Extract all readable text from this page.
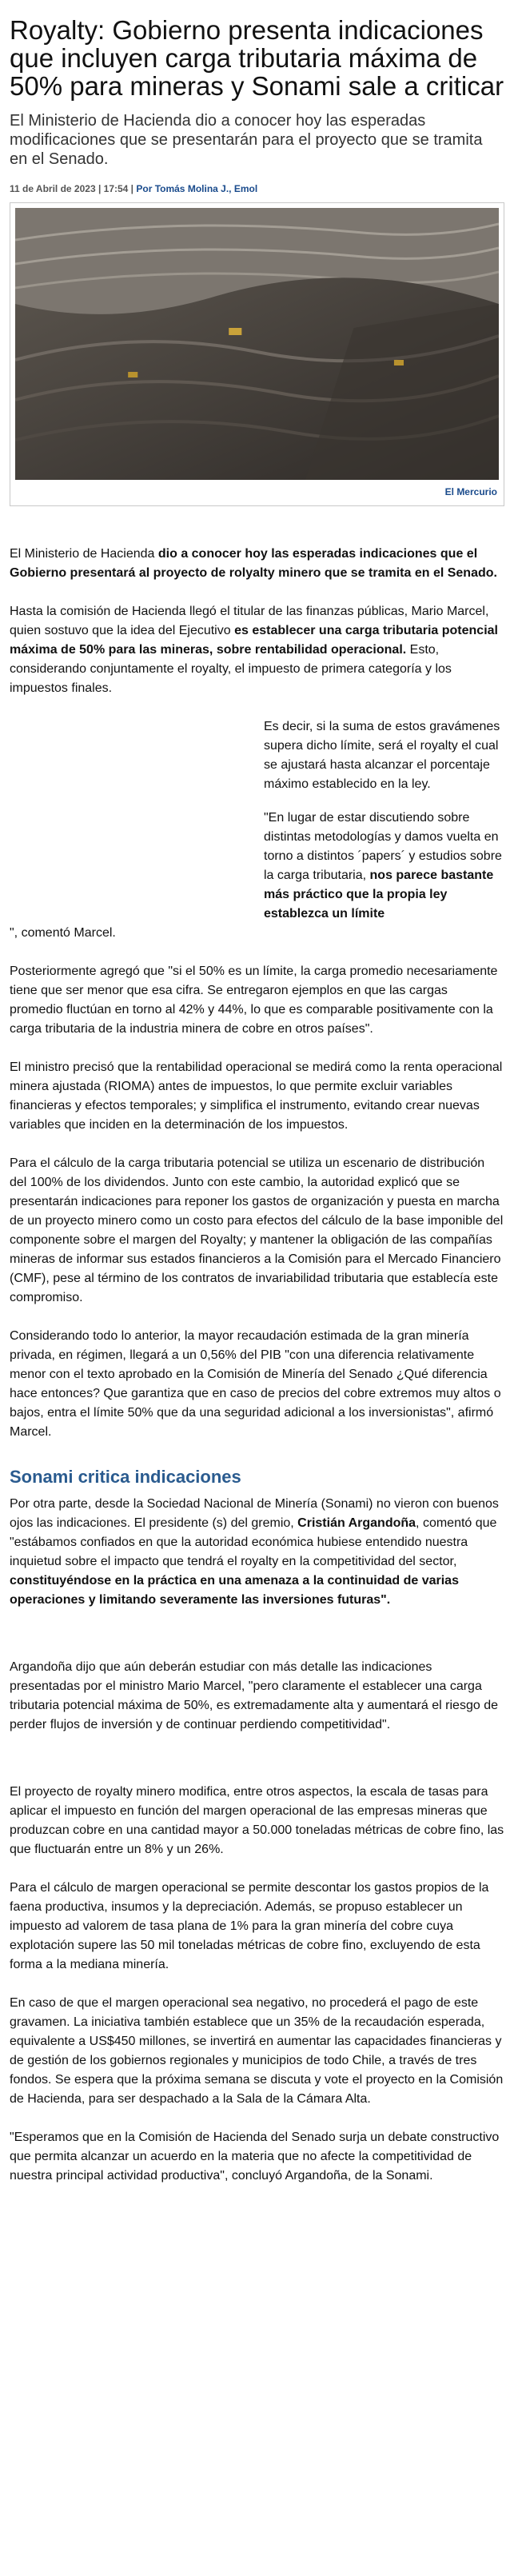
Royalty: Gobierno presenta indicaciones que incluyen carga tributaria máxima de 50% para mineras y Sonami sale a criticar

El Ministerio de Hacienda dio a conocer hoy las esperadas modificaciones que se presentarán para el proyecto que se tramita en el Senado.

11 de Abril de 2023 | 17:54 | Por Tomás Molina J., Emol
El Mercurio

El Ministerio de Hacienda dio a conocer hoy las esperadas indicaciones que el Gobierno presentará al proyecto de rolyalty minero que se tramita en el Senado.

Hasta la comisión de Hacienda llegó el titular de las finanzas públicas, Mario Marcel, quien sostuvo que la idea del Ejecutivo es establecer una carga tributaria potencial máxima de 50% para las mineras, sobre rentabilidad operacional. Esto, considerando conjuntamente el royalty, el impuesto de primera categoría y los impuestos finales.

Es decir, si la suma de estos gravámenes supera dicho límite, será el royalty el cual se ajustará hasta alcanzar el porcentaje máximo establecido en la ley.

"En lugar de estar discutiendo sobre distintas metodologías y damos vuelta en torno a distintos ´papers´ y estudios sobre la carga tributaria, nos parece bastante más práctico que la propia ley establezca un límite
", comentó Marcel.

Posteriormente agregó que "si el 50% es un límite, la carga promedio necesariamente tiene que ser menor que esa cifra. Se entregaron ejemplos en que las cargas promedio fluctúan en torno al 42% y 44%, lo que es comparable positivamente con la carga tributaria de la industria minera de cobre en otros países".

El ministro precisó que la rentabilidad operacional se medirá como la renta operacional minera ajustada (RIOMA) antes de impuestos, lo que permite excluir variables financieras y efectos temporales; y simplifica el instrumento, evitando crear nuevas variables que inciden en la determinación de los impuestos.

Para el cálculo de la carga tributaria potencial se utiliza un escenario de distribución del 100% de los dividendos. Junto con este cambio, la autoridad explicó que se presentarán indicaciones para reponer los gastos de organización y puesta en marcha de un proyecto minero como un costo para efectos del cálculo de la base imponible del componente sobre el margen del Royalty; y mantener la obligación de las compañías mineras de informar sus estados financieros a la Comisión para el Mercado Financiero (CMF), pese al término de los contratos de invariabilidad tributaria que establecía este compromiso.

Considerando todo lo anterior, la mayor recaudación estimada de la gran minería privada, en régimen, llegará a un 0,56% del PIB "con una diferencia relativamente menor con el texto aprobado en la Comisión de Minería del Senado ¿Qué diferencia hace entonces? Que garantiza que en caso de precios del cobre extremos muy altos o bajos, entra el límite 50% que da una seguridad adicional a los inversionistas", afirmó Marcel.

Sonami critica indicaciones

Por otra parte, desde la Sociedad Nacional de Minería (Sonami) no vieron con buenos ojos las indicaciones. El presidente (s) del gremio, Cristián Argandoña, comentó que "estábamos confiados en que la autoridad económica hubiese entendido nuestra inquietud sobre el impacto que tendrá el royalty en la competitividad del sector, constituyéndose en la práctica en una amenaza a la continuidad de varias operaciones y limitando severamente las inversiones futuras".

Argandoña dijo que aún deberán estudiar con más detalle las indicaciones presentadas por el ministro Mario Marcel, "pero claramente el establecer una carga tributaria potencial máxima de 50%, es extremadamente alta y aumentará el riesgo de perder flujos de inversión y de continuar perdiendo competitividad".

El proyecto de royalty minero modifica, entre otros aspectos, la escala de tasas para aplicar el impuesto en función del margen operacional de las empresas mineras que produzcan cobre en una cantidad mayor a 50.000 toneladas métricas de cobre fino, las que fluctuarán entre un 8% y un 26%.

Para el cálculo de margen operacional se permite descontar los gastos propios de la faena productiva, insumos y la depreciación. Además, se propuso establecer un impuesto ad valorem de tasa plana de 1% para la gran minería del cobre cuya explotación supere las 50 mil toneladas métricas de cobre fino, excluyendo de esta forma a la mediana minería.

En caso de que el margen operacional sea negativo, no procederá el pago de este gravamen. La iniciativa también establece que un 35% de la recaudación esperada, equivalente a US$450 millones, se invertirá en aumentar las capacidades financieras y de gestión de los gobiernos regionales y municipios de todo Chile, a través de tres fondos. Se espera que la próxima semana se discuta y vote el proyecto en la Comisión de Hacienda, para ser despachado a la Sala de la Cámara Alta.

"Esperamos que en la Comisión de Hacienda del Senado surja un debate constructivo que permita alcanzar un acuerdo en la materia que no afecte la competitividad de nuestra principal actividad productiva", concluyó Argandoña, de la Sonami.
